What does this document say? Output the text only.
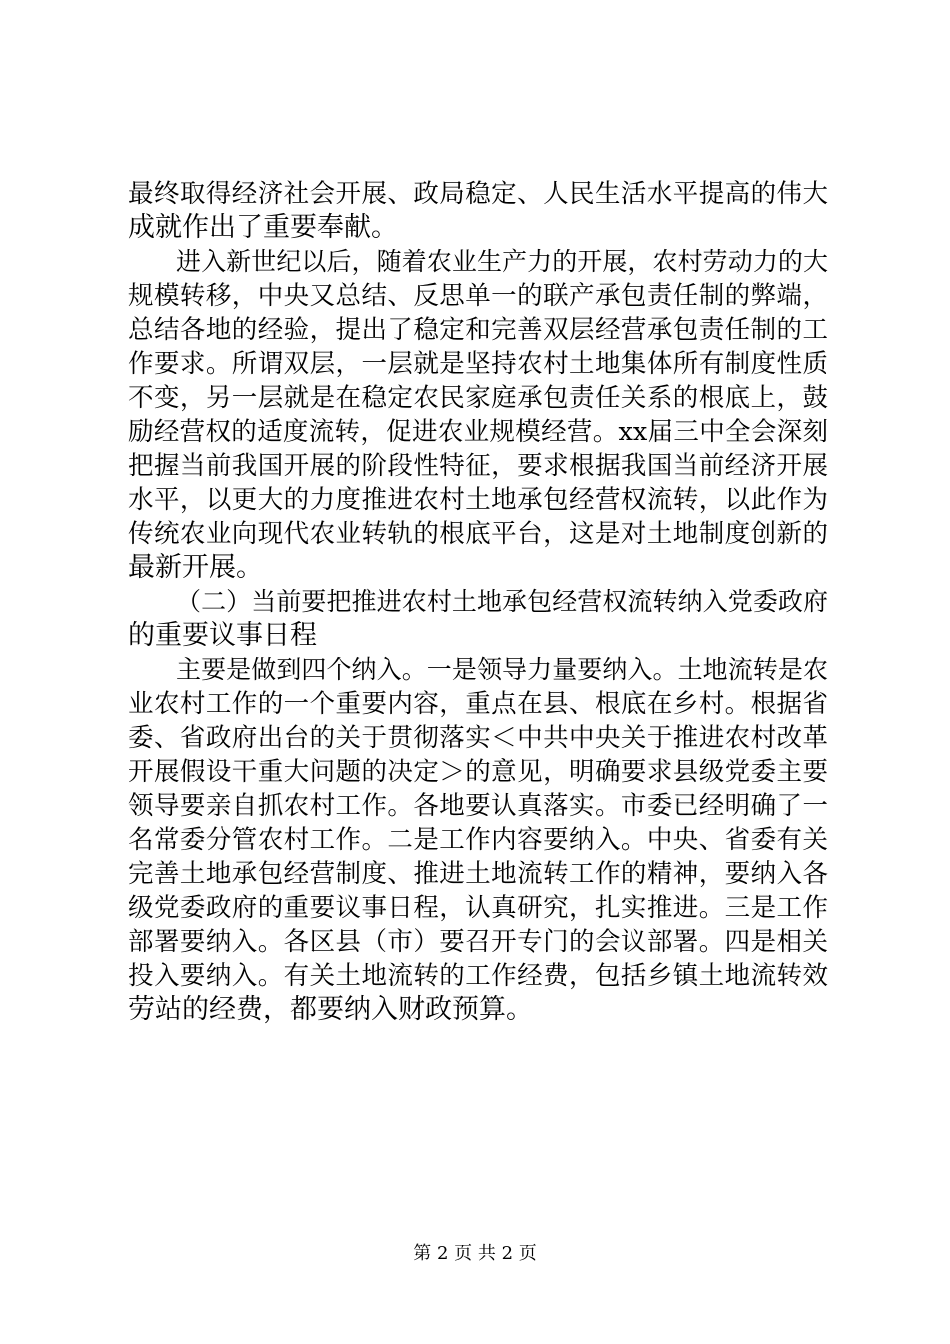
最终取得经济社会开展、政局稳定、人民生活水平提高的伟大
成就作出了重要奉献。
进入新世纪以后，随着农业生产力的开展，农村劳动力的大
规模转移，中央又总结、反思单一的联产承包责任制的弊端，
总结各地的经验，提出了稳定和完善双层经营承包责任制的工
作要求。所谓双层，一层就是坚持农村土地集体所有制度性质
不变，另一层就是在稳定农民家庭承包责任关系的根底上，鼓
励经营权的适度流转，促进农业规模经营。xx届三中全会深刻
把握当前我国开展的阶段性特征，要求根据我国当前经济开展
水平，以更大的力度推进农村土地承包经营权流转，以此作为
传统农业向现代农业转轨的根底平台，这是对土地制度创新的
最新开展。
（二）当前要把推进农村土地承包经营权流转纳入党委政府
的重要议事日程
主要是做到四个纳入。一是领导力量要纳入。土地流转是农
业农村工作的一个重要内容，重点在县、根底在乡村。根据省
委、省政府出台的关于贯彻落实＜中共中央关于推进农村改革
开展假设干重大问题的决定＞的意见，明确要求县级党委主要
领导要亲自抓农村工作。各地要认真落实。市委已经明确了一
名常委分管农村工作。二是工作内容要纳入。中央、省委有关
完善土地承包经营制度、推进土地流转工作的精神，要纳入各
级党委政府的重要议事日程，认真研究，扎实推进。三是工作
部署要纳入。各区县（市）要召开专门的会议部署。四是相关
投入要纳入。有关土地流转的工作经费，包括乡镇土地流转效
劳站的经费，都要纳入财政预算。
第 2 页 共 2 页
